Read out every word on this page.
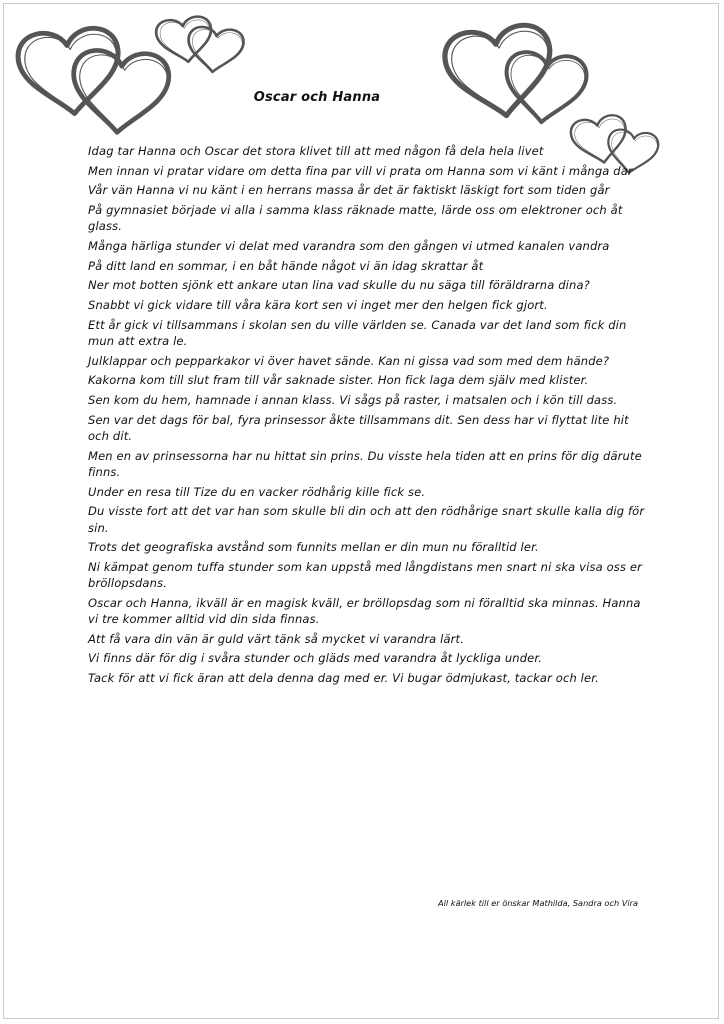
Oscar och Hanna

Idag tar Hanna och Oscar det stora klivet till att med någon få dela hela livet

Men innan vi pratar vidare om detta fina par vill vi prata om Hanna som vi känt i många dar

Vår vän Hanna vi nu känt i en herrans massa år det är faktiskt läskigt fort som tiden går

På gymnasiet började vi alla i samma klass räknade matte, lärde oss om elektroner och åt glass.

Många härliga stunder vi delat med varandra som den gången vi utmed kanalen vandra

På ditt land en sommar, i en båt hände något vi än idag skrattar åt

Ner mot botten sjönk ett ankare utan lina vad skulle du nu säga till föräldrarna dina?

Snabbt vi gick vidare till våra kära kort sen vi inget mer den helgen fick gjort.

Ett år gick vi tillsammans i skolan sen du ville världen se. Canada var det land som fick din mun att extra le.

Julklappar och pepparkakor vi över havet sände. Kan ni gissa vad som med dem hände?

Kakorna kom till slut fram till vår saknade sister. Hon fick laga dem själv med klister.

Sen kom du hem, hamnade i annan klass. Vi sågs på raster, i matsalen och i kön till dass.

Sen var det dags för bal, fyra prinsessor åkte tillsammans dit. Sen dess har vi flyttat lite hit och dit.

Men en av prinsessorna har nu hittat sin prins. Du visste hela tiden att en prins för dig därute finns.

Under en resa till Tize du en vacker rödhårig kille fick se.

Du visste fort att det var han som skulle bli din och att den rödhårige snart skulle kalla dig för sin.

Trots det geografiska avstånd som funnits mellan er din mun nu föralltid ler.

Ni kämpat genom tuffa stunder som kan uppstå med långdistans men snart ni ska visa oss er bröllopsdans.

Oscar och Hanna, ikväll är en magisk kväll, er bröllopsdag som ni föralltid ska minnas. Hanna vi tre kommer alltid vid din sida finnas.

Att få vara din vän är guld värt tänk så mycket vi varandra lärt.

Vi finns där för dig i svåra stunder och gläds med varandra åt lyckliga under.

Tack för att vi fick äran att dela denna dag med er. Vi bugar ödmjukast, tackar och ler.

All kärlek till er önskar Mathilda, Sandra och Vira
